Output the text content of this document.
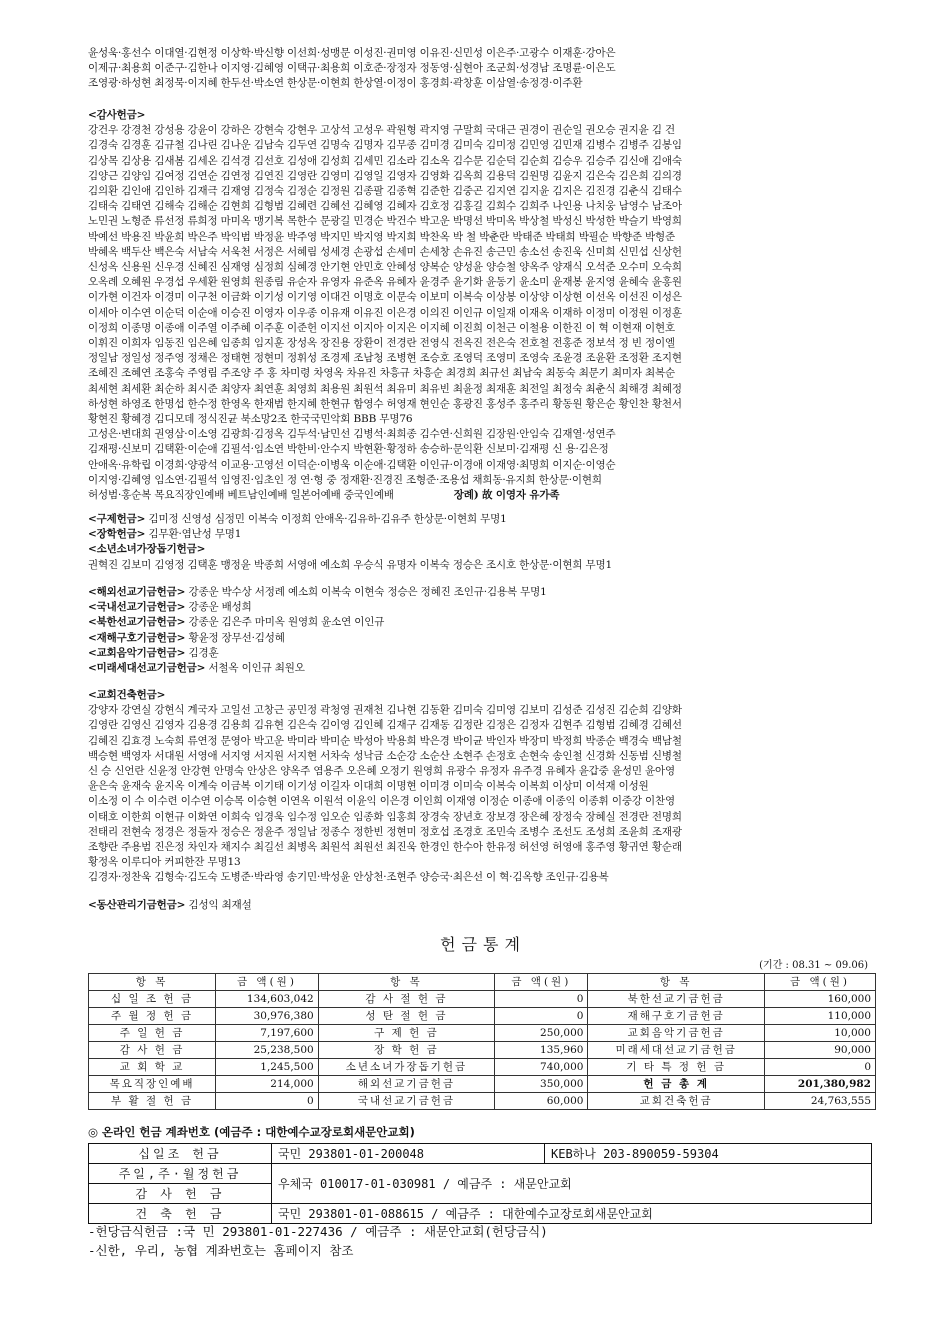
윤성욱·홍선수 이대열·김현정 이상학·박신향 이선희·성맹문 이성진·권미영 이유진·신민성 이은주·고광수 이재훈·강아은

이제규·최용희 이준구·김한나 이지영·김혜영 이택규·최용희 이호준·장정자 정동영·심현아 조군희·성경남 조명륜·이은도

조영광·하성현 최정묵·이지혜 한두선·박소연 한상문·이현희 한상열·이정이 홍경희·곽창훈 이삼열·송정경·이주환

<감사헌금>

강건우 강경천 강성용 강윤이 강하은 강현숙 강현우 고상석 고성우 곽원형 곽지영 구말희 국대근 권경이 권순일 권오승 권지윤 김 건

김경숙 김경훈 김규철 김나린 김나운 김남숙 김두연 김명숙 김명자 김무종 김미경 김미숙 김미정 김민영 김민재 김병수 김병주 김봉임

김상목 김상용 김새봄 김세온 김석경 김선호 김성애 김성희 김세민 김소라 김소옥 김수문 김순덕 김순희 김승우 김승주 김신애 김애숙

김양근 김양임 김여정 김연순 김연정 김연진 김영란 김영미 김영일 김영자 김영화 김옥희 김용덕 김원명 김윤지 김은숙 김은희 김의경

김의환 김인애 김인하 김재극 김재영 김정숙 김정순 김정원 김종팔 김종혁 김준한 김중곤 김지연 김지윤 김지은 김진경 김춘식 김태수

김태숙 김태연 김해숙 김해순 김현희 김형범 김혜련 김혜선 김혜영 김혜자 김호정 김홍길 김희수 김희주 나인용 나치웅 남영수 남조아

노민권 노형준 류선정 류희정 마미옥 맹기복 목한수 문광길 민경순 박건수 박고운 박명선 박미옥 박상철 박성신 박성한 박슬기 박영희

박예선 박용진 박윤희 박은주 박익범 박정윤 박주영 박지민 박지영 박지희 박찬옥 박 철 박춘란 박태준 박태희 박필순 박향준 박형준

박혜옥 백두산 백은숙 서남숙 서욱천 서정은 서혜림 성세경 손광섭 손세미 손세창 손유진 송근민 송소선 송진욱 신미희 신민섭 신상헌

신성옥 신용원 신우경 신혜진 심재영 심정희 심혜경 안기현 안민호 안혜성 양복순 양성윤 양승철 양옥주 양재식 오석준 오수미 오숙희

오옥례 오혜원 우경섭 우세환 원영희 원종림 유순자 유영자 유준옥 유혜자 윤경주 윤기화 윤동기 윤소미 윤재봉 윤지영 윤혜숙 윤홍원

이가현 이건자 이경미 이구천 이금화 이기성 이기영 이대건 이명호 이문숙 이보미 이복숙 이상봉 이상양 이상현 이선옥 이선진 이성은

이세아 이수연 이순덕 이순애 이승진 이영자 이우종 이유재 이유진 이은경 이의진 이인규 이일재 이재옥 이재하 이정미 이정원 이정훈

이정희 이종명 이종애 이주열 이주혜 이주훈 이준헌 이지선 이지아 이지은 이지혜 이진희 이천근 이철용 이한진 이 혁 이현재 이현호

이휘진 이희자 임동진 임은혜 임종희 임지훈 장성옥 장진용 장환이 전경란 전영식 전옥진 전은숙 전호철 전홍준 정보석 정 빈 정이엘

정일남 정일성 정주영 정채은 정태현 정현미 정휘성 조경제 조남청 조병현 조승호 조영덕 조영미 조영숙 조윤경 조윤환 조정환 조지현

조혜진 조혜연 조홍숙 주영림 주조양 주 홍 차미령 차영옥 차유진 차흥규 차흥순 최경희 최규선 최남숙 최동숙 최문기 최미자 최복순

최세현 최세환 최순하 최시준 최양자 최연훈 최영희 최용원 최원석 최유미 최유빈 최윤정 최재훈 최전일 최정숙 최춘식 최해경 최혜정

하성현 하영조 한명섭 한수정 한영옥 한재범 한지혜 한현규 함영수 허영재 현인순 홍광진 홍성주 홍주리 황동원 황은순 황인찬 황천서

황현진 황혜경 김디모데 정식진균 북소망2조 한국국민악회 BBB 무명76

고성은·변대희 권영삼·이소영 김광희·김정옥 김두석·남민선 김병석·최희종 김수연·신희원 김장원·안임숙 김재열·성연주

김재평·신보미 김택환·이순애 김필석·임소연 박한비·안수지 박현환·황정하 송승하·문익환 신보미·김재평 신 용·김은정

안애옥·유학립 이경희·양광석 이교용·고영선 이덕순·이병욱 이순애·김택환 이인규·이경애 이재영·최명희 이지순·이영순

이지영·김혜영 임소연·김필석 임영진·임초인 정 연·형 중 정재환·진경진 조형준·조용섭 채희동·유지희 한상문·이현희

허성범·홍순복 목요직장인예배 베트남인예배 일본어예배 중국인예배	장례) 故 이영자 유가족

<구제헌금> 김미정 신영성 심정민 이복숙 이정희 안애옥·김유하·김유주 한상문·이현희 무명1

<장학헌금> 김무환·염난성 무명1

<소년소녀가장돕기헌금>

권혁진 김보미 김영정 김택훈 맹정윤 박종희 서영애 예소희 우승식 유명자 이복숙 정승은 조시호 한상문·이현희 무명1

<해외선교기금헌금> 강종운 박수상 서정례 예소희 이복숙 이현숙 정승은 정혜진 조인규·김용복 무명1

<국내선교기금헌금> 강종운 배성희

<북한선교기금헌금> 강종운 김은주 마미옥 원영희 윤소연 이인규

<재해구호기금헌금> 황윤정 장무선·김성혜

<교회음악기금헌금> 김경훈

<미래세대선교기금헌금> 서철옥 이인규 최원오

<교회건축헌금>

강양자 강연실 강현식 계국자 고일선 고창근 공민정 곽청영 권재천 김나현 김동환 김미숙 김미영 김보미 김성준 김성진 김순희 김양화

김영란 김영신 김영자 김용경 김용희 김유현 김은숙 김이영 김인혜 김재구 김재동 김정란 김정은 김정자 김현주 김형범 김혜경 김혜선

김혜진 김효경 노숙희 류연정 문영아 박고운 박미라 박미순 박성아 박용희 박은경 박이균 박인자 박장미 박정희 박종순 백경숙 백남철

백승현 백영자 서대원 서영애 서지영 서지원 서지현 서차숙 성낙금 소순강 소순산 소현주 손정호 손현숙 송인철 신경화 신동범 신병철

신 승 신언란 신윤정 안강현 안명숙 안상은 양옥주 염용주 오은혜 오정기 원영희 유광수 유정자 유주경 유혜자 윤갑중 윤성민 윤아영

윤은숙 윤재숙 윤지옥 이계숙 이금복 이기태 이기성 이길자 이대희 이명현 이미경 이미숙 이복숙 이복희 이상미 이석재 이성원

이소정 이 수 이수련 이수연 이승목 이승현 이연옥 이원석 이윤익 이은경 이인희 이재영 이정순 이종애 이종익 이종휘 이중강 이찬영

이태호 이한희 이현규 이화연 이희숙 임경욱 임수정 임오순 임종화 임홍희 장경숙 장년호 장보경 장은혜 장정숙 장혜실 전경란 전명희

전태리 전현숙 정경은 정둘자 정승은 정윤주 정일남 정종수 정한빈 정현미 정호섭 조경호 조민숙 조병수 조선도 조성희 조윤희 조재광

조향란 주용범 진은정 차인자 채지수 최길선 최병옥 최원석 최원선 최진욱 한경인 한수아 한유정 허선영 허영애 홍주영 황귀연 황순래

황정옥 이루디아 커피한잔 무명13

김경자·정찬욱 김형숙·김도숙 도병준·박라영 송기민·박성윤 안상천·조현주 양승국·최은선 이 혁·김옥향 조인규·김용복

<동산관리기금헌금> 김성익 최재설

헌금통계
(기간 : 08.31 ~ 09.06)
항 목	금 액(원)	항 목	금 액(원)	항 목	금 액(원)
십 일 조 헌 금	134,603,042	감 사 절 헌 금	0	북한선교기금헌금	160,000
주 월 정 헌 금	30,976,380	성 탄 절 헌 금	0	재해구호기금헌금	110,000
주 일 헌 금	7,197,600	구 제 헌 금	250,000	교회음악기금헌금	10,000
감 사 헌 금	25,238,500	장 학 헌 금	135,960	미래세대선교기금헌금	90,000
교 회 학 교	1,245,500	소년소녀가장돕기헌금	740,000	기 타 특 정 헌 금	0
목요직장인예배	214,000	해외선교기금헌금	350,000	헌 금 총 계	201,380,982
부 활 절 헌 금	0	국내선교기금헌금	60,000	교회건축헌금	24,763,555
◎ 온라인 헌금 계좌번호 (예금주 : 대한예수교장로회새문안교회)
십일조 헌금	국민 293801-01-200048	KEB하나 203-890059-59304
주일,주·월정헌금	우체국 010017-01-030981 / 예금주 : 새문안교회	
감 사 헌 금		
건 축 헌 금	국민 293801-01-088615 / 예금주 : 대한예수교장로회새문안교회	

-헌당금식헌금 :국 민 293801-01-227436 / 예금주 : 새문안교회(헌당금식)

-신한, 우리, 농협 계좌번호는 홈페이지 참조
